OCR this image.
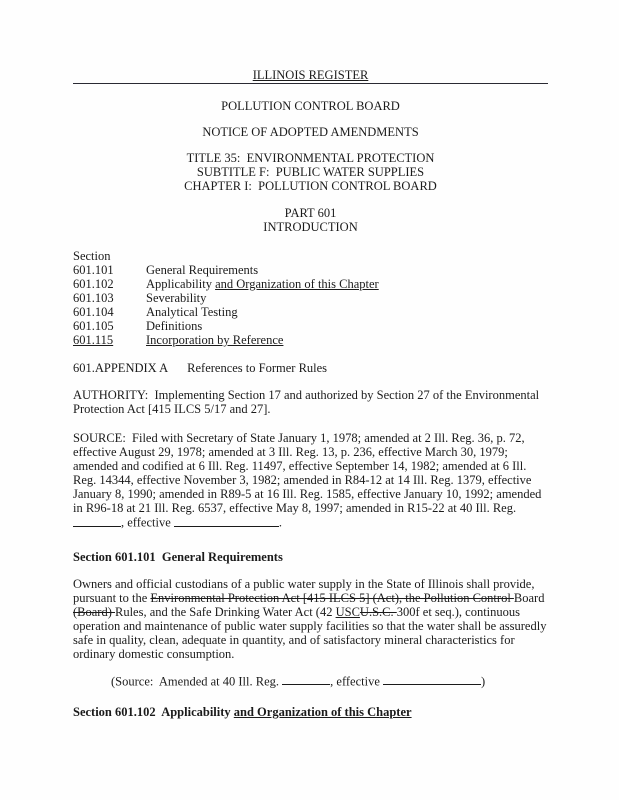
ILLINOIS REGISTER
POLLUTION CONTROL BOARD
NOTICE OF ADOPTED AMENDMENTS
TITLE 35:  ENVIRONMENTAL PROTECTION
SUBTITLE F:  PUBLIC WATER SUPPLIES
CHAPTER I:  POLLUTION CONTROL BOARD
PART 601
INTRODUCTION
Section
601.101	General Requirements
601.102	Applicability and Organization of this Chapter
601.103	Severability
601.104	Analytical Testing
601.105	Definitions
601.115	Incorporation by Reference
601.APPENDIX A References to Former Rules
AUTHORITY:  Implementing Section 17 and authorized by Section 27 of the Environmental Protection Act [415 ILCS 5/17 and 27].
SOURCE:  Filed with Secretary of State January 1, 1978; amended at 2 Ill. Reg. 36, p. 72, effective August 29, 1978; amended at 3 Ill. Reg. 13, p. 236, effective March 30, 1979; amended and codified at 6 Ill. Reg. 11497, effective September 14, 1982; amended at 6 Ill. Reg. 14344, effective November 3, 1982; amended in R84-12 at 14 Ill. Reg. 1379, effective January 8, 1990; amended in R89-5 at 16 Ill. Reg. 1585, effective January 10, 1992; amended in R96-18 at 21 Ill. Reg. 6537, effective May 8, 1997; amended in R15-22 at 40 Ill. Reg. , effective	.
Section 601.101  General Requirements
Owners and official custodians of a public water supply in the State of Illinois shall provide, pursuant to the Environmental Protection Act [415 ILCS 5] (Act), the Pollution Control Board (Board) Rules, and the Safe Drinking Water Act (42 USCU.S.C. 300f et seq.), continuous operation and maintenance of public water supply facilities so that the water shall be assuredly safe in quality, clean, adequate in quantity, and of satisfactory mineral characteristics for ordinary domestic consumption.
(Source:  Amended at 40 Ill. Reg.	, effective	)
Section 601.102  Applicability and Organization of this Chapter
